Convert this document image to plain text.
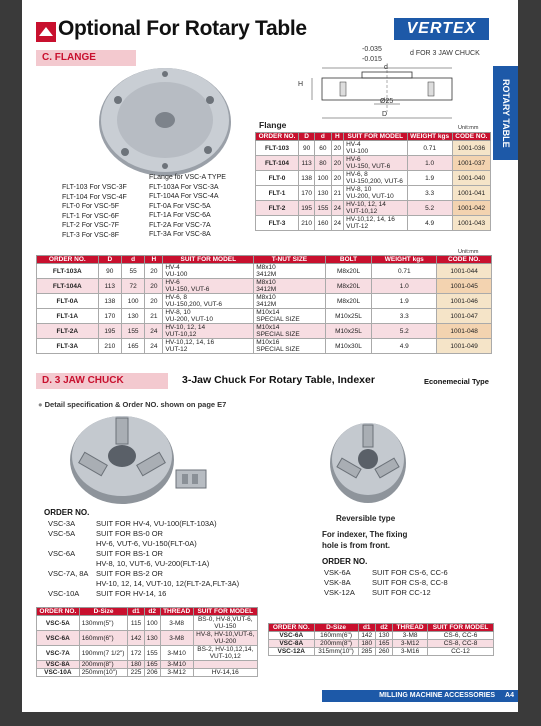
Optional For Rotary Table	VERTEX
ROTARY TABLE
C. FLANGE
-0.035
-0.015
d FOR 3 JAW CHUCK
H
d
Ø25
D
FLT-103 For VSC-3F
FLT-104 For VSC-4F
FLT-0 For VSC-5F
FLT-1 For VSC-6F
FLT-2 For VSC-7F
FLT-3 For VSC-8F
FLange for VSC-A TYPE
FLT-103A For VSC-3A
FLT-104A For VSC-4A
FLT-0A For VSC-5A
FLT-1A For VSC-6A
FLT-2A For VSC-7A
FLT-3A For VSC-8A
Flange	Unit:mm
ORDER NO.	D	d	H	SUIT FOR MODEL	WEIGHT kgs	CODE NO.
FLT-103	90	60	20	HV-4
VU-100	0.71	1001-036
FLT-104	113	80	20	HV-6
VU-150, VUT-6	1.0	1001-037
FLT-0	138	100	20	HV-6, 8
VU-150,200, VUT-6	1.9	1001-040
FLT-1	170	130	21	HV-8, 10
VU-200, VUT-10	3.3	1001-041
FLT-2	195	155	24	HV-10, 12, 14
VUT-10,12	5.2	1001-042
FLT-3	210	160	24	HV-10,12, 14, 16
VUT-12	4.9	1001-043
Unit:mm
ORDER NO.	D	d	H	SUIT FOR MODEL	T-NUT SIZE	BOLT	WEIGHT kgs	CODE NO.
FLT-103A	90	55	20	HV-4
VU-100	M8x10
3412M	M8x20L	0.71	1001-044
FLT-104A	113	72	20	HV-6
VU-150, VUT-6	M8x10
3412M	M8x20L	1.0	1001-045
FLT-0A	138	100	20	HV-6, 8
VU-150,200, VUT-6	M8x10
3412M	M8x20L	1.9	1001-046
FLT-1A	170	130	21	HV-8, 10
VU-200, VUT-10	M10x14
SPECIAL SIZE	M10x25L	3.3	1001-047
FLT-2A	195	155	24	HV-10, 12, 14
VUT-10,12	M10x14
SPECIAL SIZE	M10x25L	5.2	1001-048
FLT-3A	210	165	24	HV-10,12, 14, 16
VUT-12	M10x16
SPECIAL SIZE	M10x30L	4.9	1001-049
D. 3 JAW CHUCK	3-Jaw Chuck For Rotary Table, Indexer	Econemecial Type
● Detail specification & Order NO. shown on page E7
Reversible type
For indexer, The fixing
hole is from front.
ORDER NO.
VSC-3A	SUIT FOR HV-4, VU-100(FLT-103A)
VSC-5A	SUIT FOR BS-0 OR
HV-6, VUT-6, VU-150(FLT-0A)
VSC-6A	SUIT FOR BS-1 OR
HV-8, 10, VUT-6, VU-200(FLT-1A)
VSC-7A, 8A SUIT FOR BS-2 OR
HV-10, 12, 14, VUT-10, 12(FLT-2A,FLT-3A)
VSC-10A SUIT FOR HV-14, 16
ORDER NO.
VSK-6A	SUIT FOR CS-6, CC-6
VSK-8A	SUIT FOR CS-8, CC-8
VSK-12A SUIT FOR CC-12
ORDER NO.	D-Size	d1	d2	THREAD	SUIT FOR MODEL
VSC-5A	130mm(5")	115	100	3-M8	BS-0, HV-8,VUT-6,
VU-150
VSC-6A	160mm(6")	142	130	3-M8	HV-8, HV-10,VUT-6,
VU-200
VSC-7A	190mm(7 1/2")	172	155	3-M10	BS-2, HV-10,12,14,
VUT-10,12
VSC-8A	200mm(8")	180	165	3-M10	
VSC-10A	250mm(10")	225	206	3-M12	HV-14,16
ORDER NO.	D-Size	d1	d2	THREAD	SUIT FOR MODEL
VSC-6A	160mm(6")	142	130	3-M8	CS-6, CC-6
VSC-8A	200mm(8")	180	165	3-M12	CS-8, CC-8
VSC-12A	315mm(10")	285	260	3-M16	CC-12
MILLING MACHINE ACCESSORIES A4
